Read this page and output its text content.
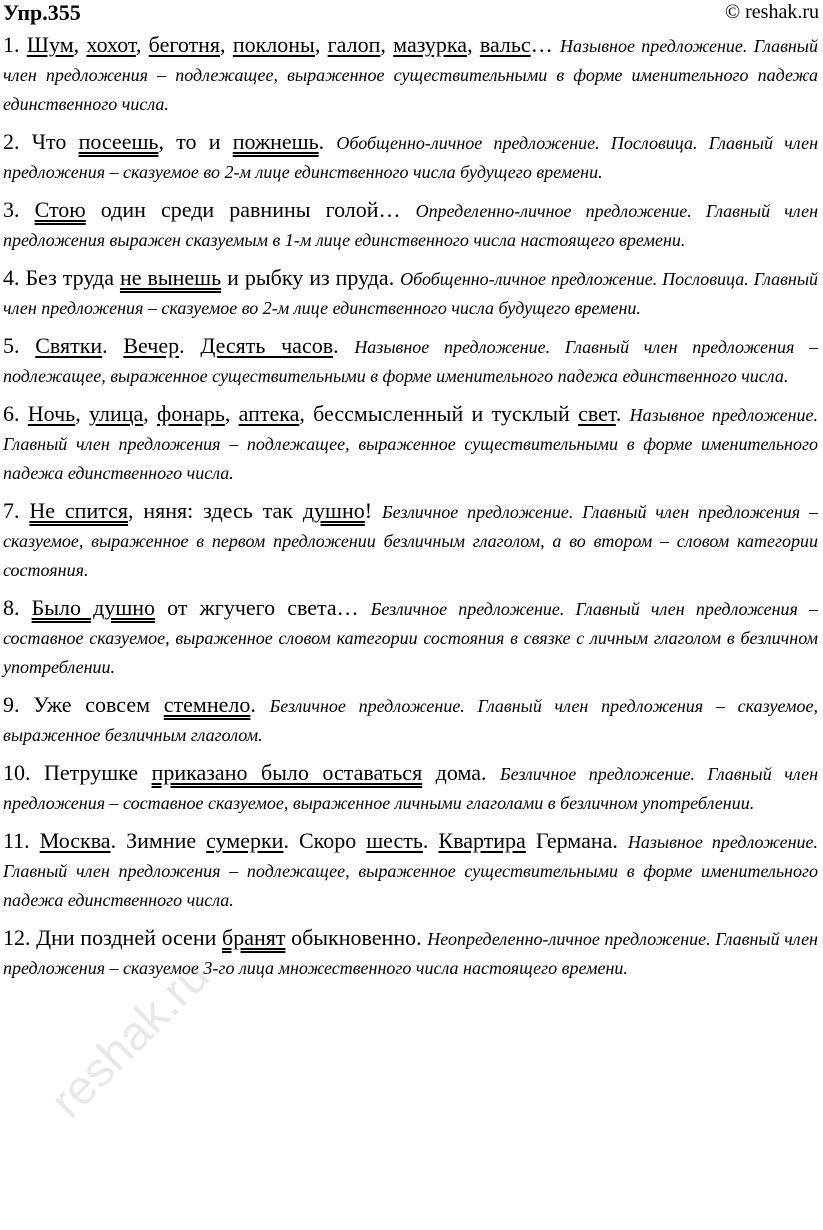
Упр.355	© reshak.ru

1. Шум, хохот, беготня, поклоны, галоп, мазурка, вальс… Назывное предложение. Главный член предложения – подлежащее, выраженное существительными в форме именительного падежа единственного числа.

2. Что посеешь, то и пожнешь. Обобщенно-личное предложение. Пословица. Главный член предложения – сказуемое во 2-м лице единственного числа будущего времени.

3. Стою один среди равнины голой… Определенно-личное предложение. Главный член предложения выражен сказуемым в 1-м лице единственного числа настоящего времени.

4. Без труда не вынешь и рыбку из пруда. Обобщенно-личное предложение. Пословица. Главный член предложения – сказуемое во 2-м лице единственного числа будущего времени.

5. Святки. Вечер. Десять часов. Назывное предложение. Главный член предложения – подлежащее, выраженное существительными в форме именительного падежа единственного числа.

6. Ночь, улица, фонарь, аптека, бессмысленный и тусклый свет. Назывное предложение. Главный член предложения – подлежащее, выраженное существительными в форме именительного падежа единственного числа.

7. Не спится, няня: здесь так душно! Безличное предложение. Главный член предложения – сказуемое, выраженное в первом предложении безличным глаголом, а во втором – словом категории состояния.

8. Было душно от жгучего света… Безличное предложение. Главный член предложения – составное сказуемое, выраженное словом категории состояния в связке с личным глаголом в безличном употреблении.

9. Уже совсем стемнело. Безличное предложение. Главный член предложения – сказуемое, выраженное безличным глаголом.

10. Петрушке приказано было оставаться дома. Безличное предложение. Главный член предложения – составное сказуемое, выраженное личными глаголами в безличном употреблении.

11. Москва. Зимние сумерки. Скоро шесть. Квартира Германа. Назывное предложение. Главный член предложения – подлежащее, выраженное существительными в форме именительного падежа единственного числа.

12. Дни поздней осени бранят обыкновенно. Неопределенно-личное предложение. Главный член предложения – сказуемое 3-го лица множественного числа настоящего времени.

reshak.ru
